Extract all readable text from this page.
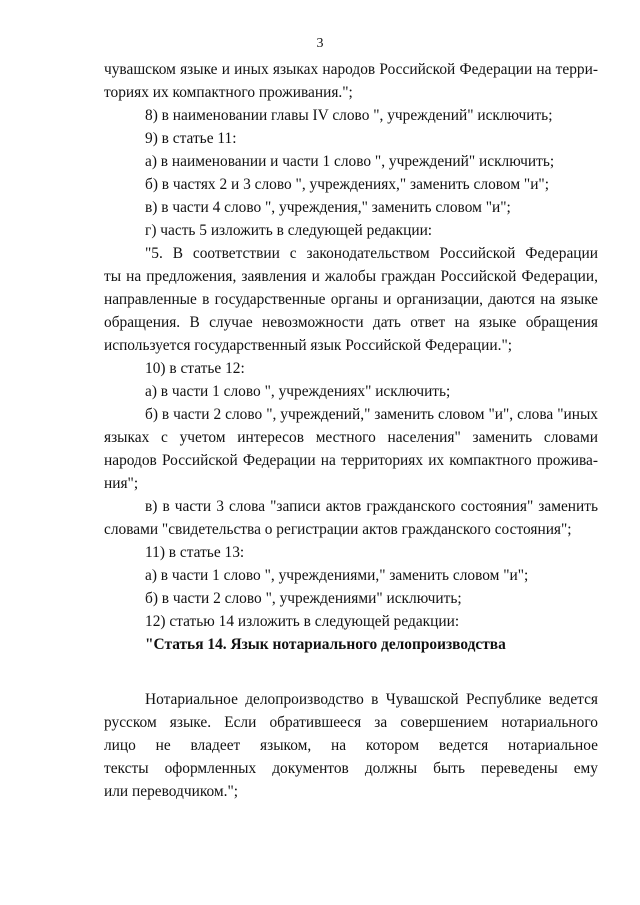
3
чувашском языке и иных языках народов Российской Федерации на терри-
ториях их компактного проживания.";
8) в наименовании главы IV слово ", учреждений" исключить;
9) в статье 11:
а) в наименовании и части 1 слово ", учреждений" исключить;
б) в частях 2 и 3 слово ", учреждениях," заменить словом "и";
в) в части 4 слово ", учреждения," заменить словом "и";
г) часть 5 изложить в следующей редакции:
"5. В соответствии с законодательством Российской Федерации
ты на предложения, заявления и жалобы граждан Российской Федерации,
направленные в государственные органы и организации, даются на языке
обращения. В случае невозможности дать ответ на языке обращения
используется государственный язык Российской Федерации.";
10) в статье 12:
а) в части 1 слово ", учреждениях" исключить;
б) в части 2 слово ", учреждений," заменить словом "и", слова "иных
языках с учетом интересов местного населения" заменить словами
народов Российской Федерации на территориях их компактного прожива-
ния";
в) в части 3 слова "записи актов гражданского состояния" заменить
словами "свидетельства о регистрации актов гражданского состояния";
11) в статье 13:
а) в части 1 слово ", учреждениями," заменить словом "и";
б) в части 2 слово ", учреждениями" исключить;
12) статью 14 изложить в следующей редакции:
"Статья 14. Язык нотариального делопроизводства
Нотариальное делопроизводство в Чувашской Республике ведется
русском языке. Если обратившееся за совершением нотариального
лицо не владеет языком, на котором ведется нотариальное
тексты оформленных документов должны быть переведены ему
или переводчиком.";
